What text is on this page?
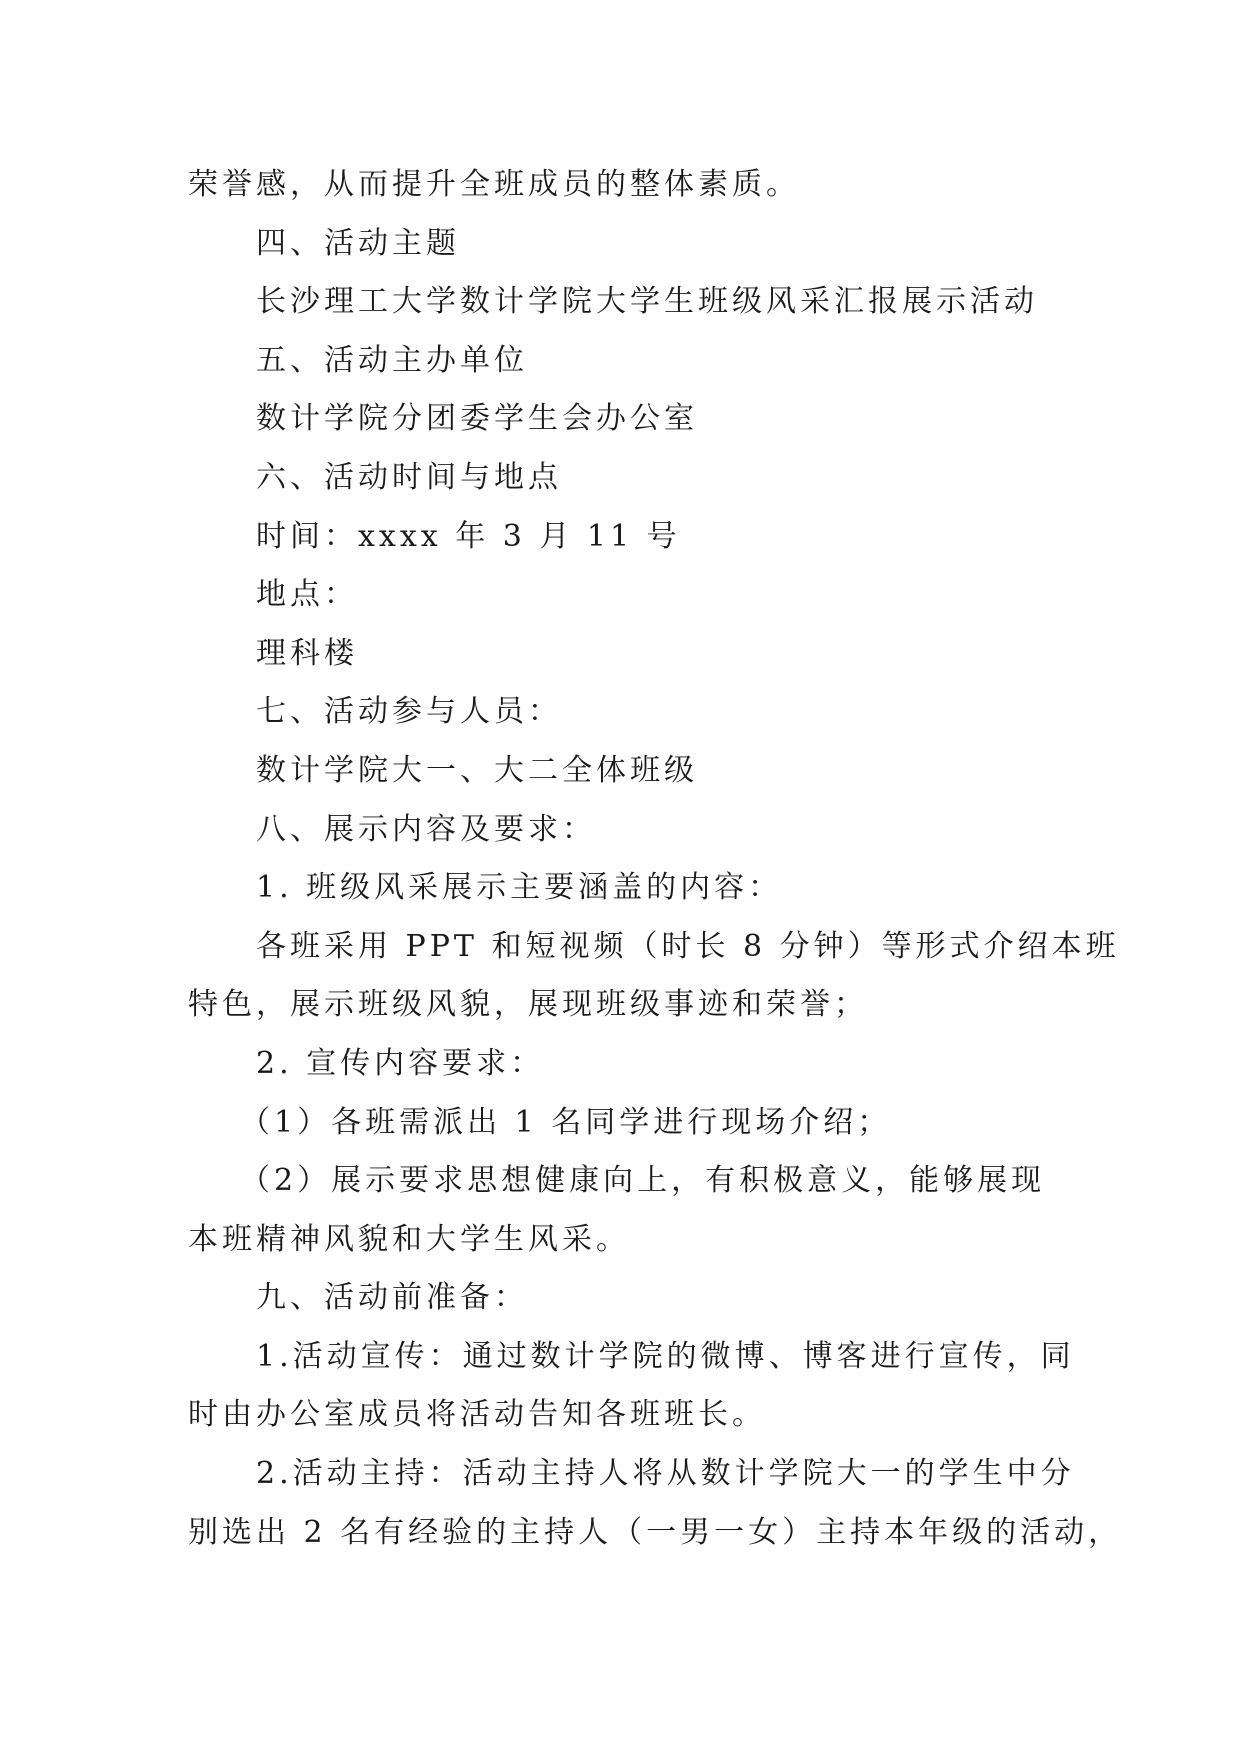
荣誉感，从而提升全班成员的整体素质。

四、活动主题

长沙理工大学数计学院大学生班级风采汇报展示活动

五、活动主办单位

数计学院分团委学生会办公室

六、活动时间与地点

时间：xxxx 年 3 月 11 号

地点：

理科楼

七、活动参与人员：

数计学院大一、大二全体班级

八、展示内容及要求：

1. 班级风采展示主要涵盖的内容：

各班采用 PPT 和短视频（时长 8 分钟）等形式介绍本班

特色，展示班级风貌，展现班级事迹和荣誉；

2. 宣传内容要求：

（1）各班需派出 1 名同学进行现场介绍；

（2）展示要求思想健康向上，有积极意义，能够展现

本班精神风貌和大学生风采。

九、活动前准备：

1.活动宣传：通过数计学院的微博、博客进行宣传，同

时由办公室成员将活动告知各班班长。

2.活动主持：活动主持人将从数计学院大一的学生中分

别选出 2 名有经验的主持人（一男一女）主持本年级的活动，
